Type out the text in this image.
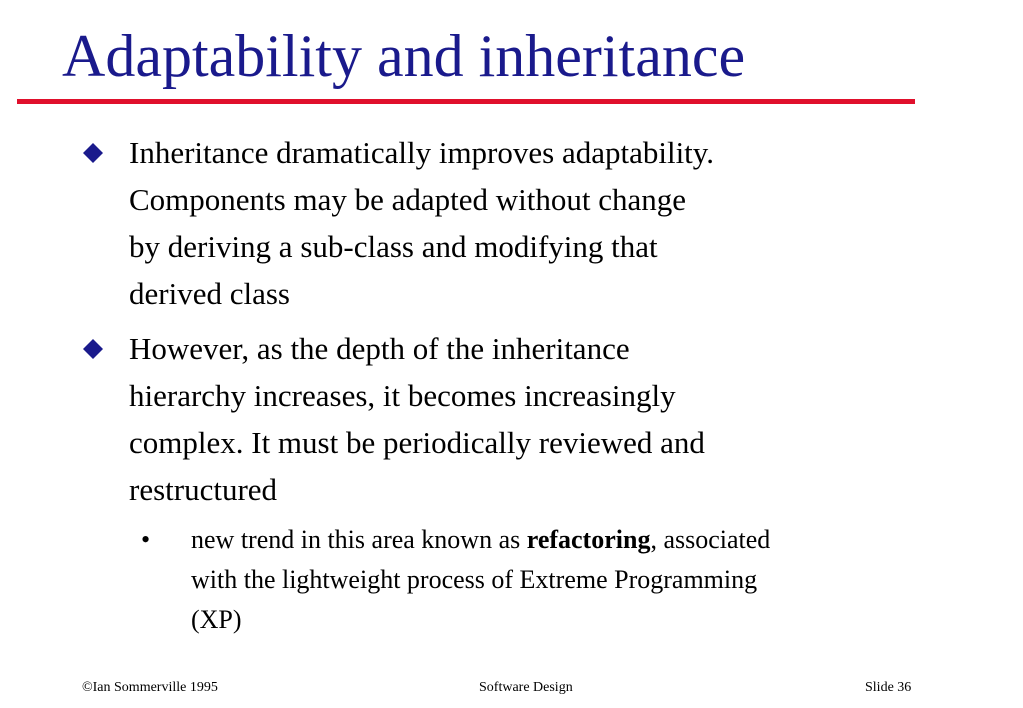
Adaptability and inheritance

Inheritance dramatically improves adaptability.
Components may be adapted without change
by deriving a sub-class and modifying that
derived class

However, as the depth of the inheritance
hierarchy increases, it becomes increasingly
complex. It must be periodically reviewed and
restructured

• new trend in this area known as refactoring, associated
with the lightweight process of Extreme Programming
(XP)

©Ian Sommerville 1995	Software Design	Slide 36
